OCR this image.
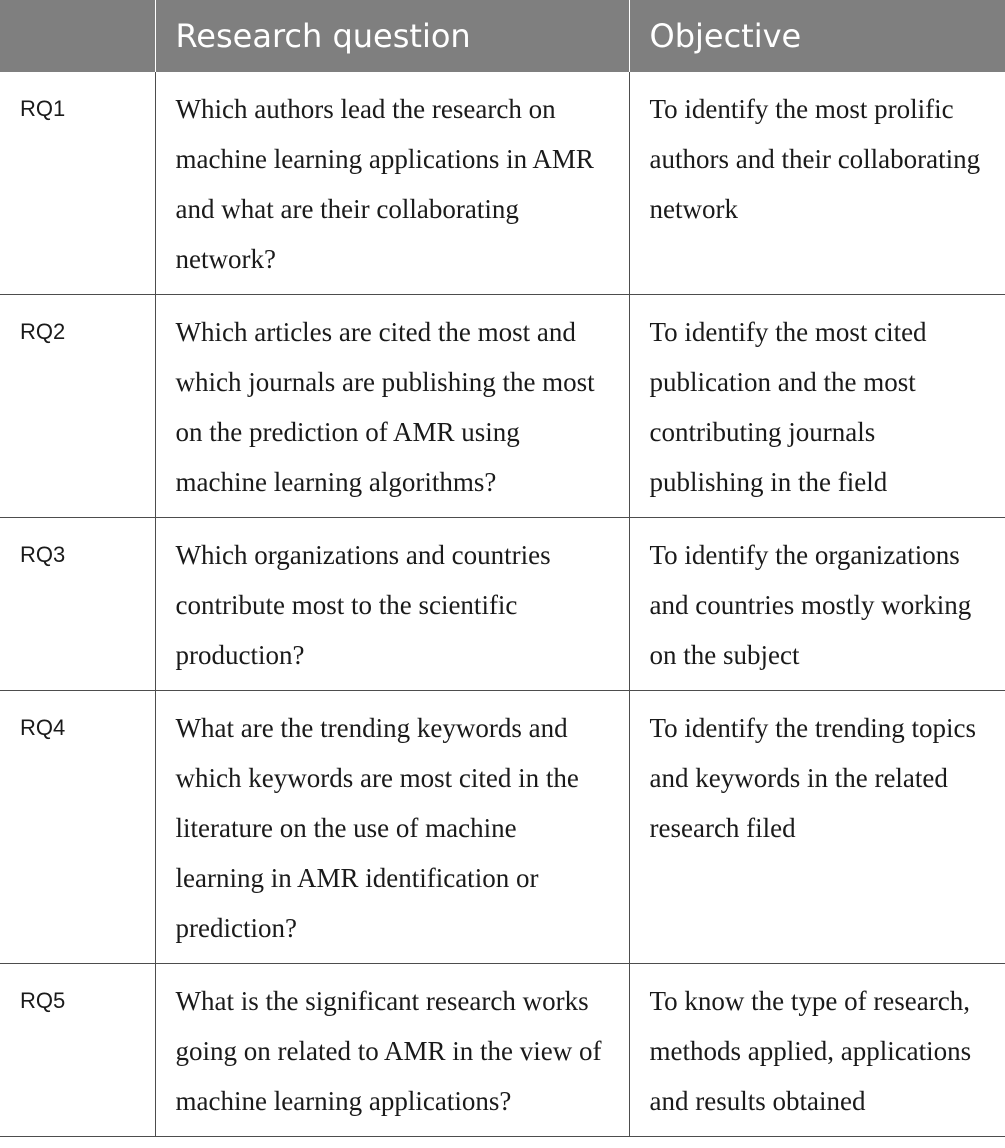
	Research question	Objective
RQ1	Which authors lead the research on machine learning applications in AMR and what are their collaborating network?	To identify the most prolific authors and their collaborating network
RQ2	Which articles are cited the most and which journals are publishing the most on the prediction of AMR using machine learning algorithms?	To identify the most cited publication and the most contributing journals publishing in the field
RQ3	Which organizations and countries contribute most to the scientific production?	To identify the organizations and countries mostly working on the subject
RQ4	What are the trending keywords and which keywords are most cited in the literature on the use of machine learning in AMR identification or prediction?	To identify the trending topics and keywords in the related research filed
RQ5	What is the significant research works going on related to AMR in the view of machine learning applications?	To know the type of research, methods applied, applications and results obtained
